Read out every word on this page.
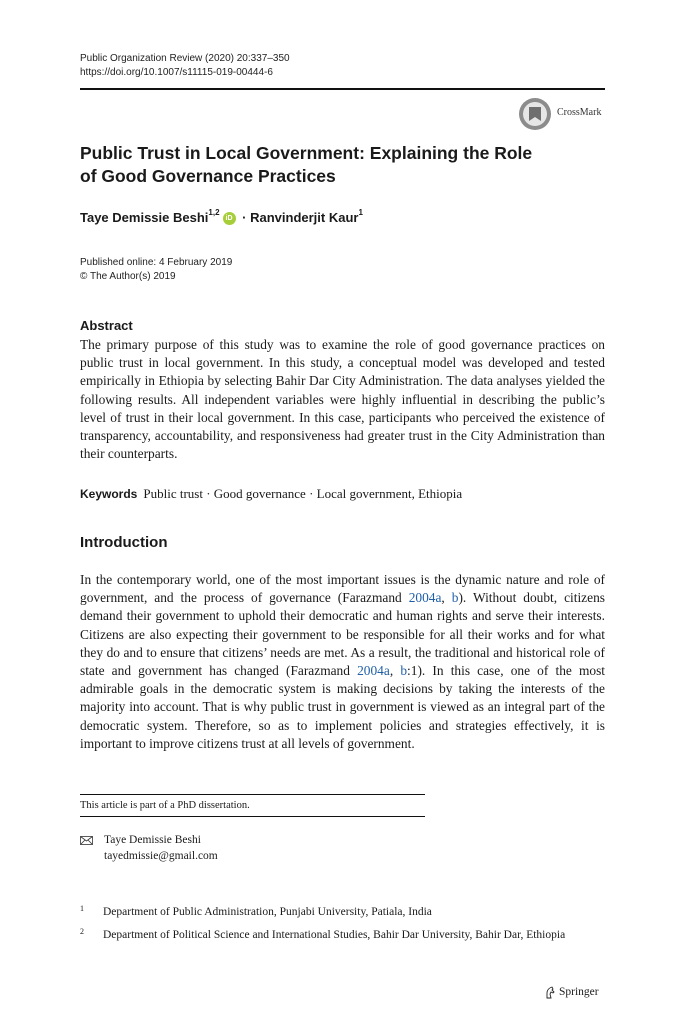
Public Organization Review (2020) 20:337–350
https://doi.org/10.1007/s11115-019-00444-6
CrossMark
Public Trust in Local Government: Explaining the Role
of Good Governance Practices
Taye Demissie Beshi$^{1,2}$iD · Ranvinderjit Kaur$^1$
Published online: 4 February 2019
© The Author(s) 2019
Abstract
The primary purpose of this study was to examine the role of good governance practices on public trust in local government. In this study, a conceptual model was developed and tested empirically in Ethiopia by selecting Bahir Dar City Administration. The data analyses yielded the following results. All independent variables were highly influential in describing the public’s level of trust in their local government. In this case, participants who perceived the existence of transparency, accountability, and responsiveness had greater trust in the City Administration than their counterparts.
Keywords Public trust · Good governance · Local government, Ethiopia
Introduction
In the contemporary world, one of the most important issues is the dynamic nature and role of government, and the process of governance (Farazmand 2004a, b). Without doubt, citizens demand their government to uphold their democratic and human rights and serve their interests. Citizens are also expecting their government to be responsible for all their works and for what they do and to ensure that citizens’ needs are met. As a result, the traditional and historical role of state and government has changed (Farazmand 2004a, b:1). In this case, one of the most admirable goals in the democratic system is making decisions by taking the interests of the majority into account. That is why public trust in government is viewed as an integral part of the democratic system. Therefore, so as to implement policies and strategies effectively, it is important to improve citizens trust at all levels of government.
This article is part of a PhD dissertation.
Taye Demissie Beshi
tayedmissie@gmail.com
1 Department of Public Administration, Punjabi University, Patiala, India
2 Department of Political Science and International Studies, Bahir Dar University, Bahir Dar, Ethiopia
Springer
